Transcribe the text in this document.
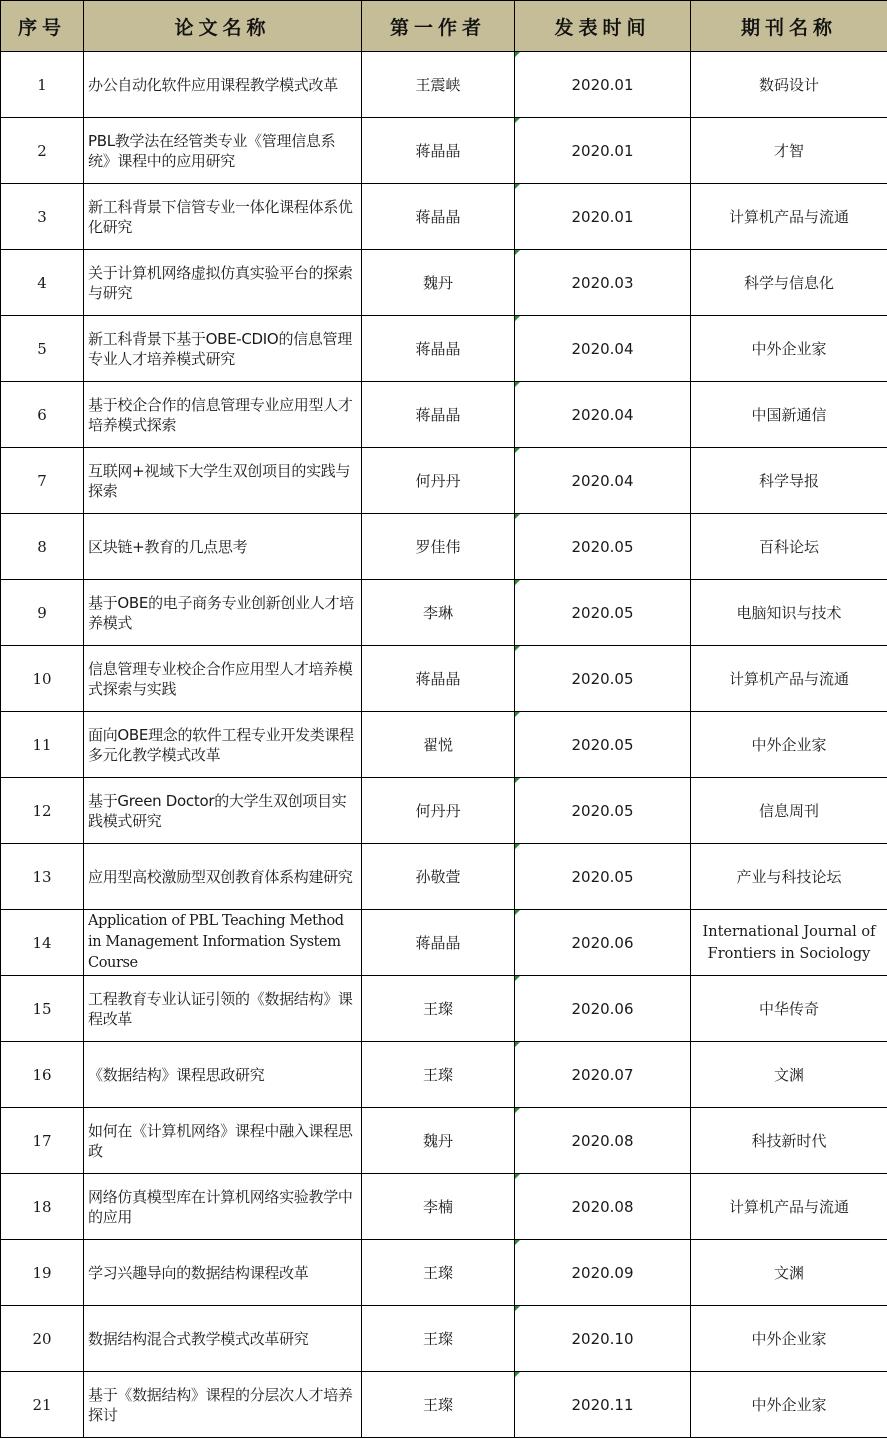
序号	论文名称	第一作者	发表时间	期刊名称
1	办公自动化软件应用课程教学模式改革	王震峡	2020.01	数码设计
2	PBL教学法在经管类专业《管理信息系统》课程中的应用研究	蒋晶晶	2020.01	才智
3	新工科背景下信管专业一体化课程体系优化研究	蒋晶晶	2020.01	计算机产品与流通
4	关于计算机网络虚拟仿真实验平台的探索与研究	魏丹	2020.03	科学与信息化
5	新工科背景下基于OBE-CDIO的信息管理专业人才培养模式研究	蒋晶晶	2020.04	中外企业家
6	基于校企合作的信息管理专业应用型人才培养模式探索	蒋晶晶	2020.04	中国新通信
7	互联网+视域下大学生双创项目的实践与探索	何丹丹	2020.04	科学导报
8	区块链+教育的几点思考	罗佳伟	2020.05	百科论坛
9	基于OBE的电子商务专业创新创业人才培养模式	李琳	2020.05	电脑知识与技术
10	信息管理专业校企合作应用型人才培养模式探索与实践	蒋晶晶	2020.05	计算机产品与流通
11	面向OBE理念的软件工程专业开发类课程多元化教学模式改革	翟悦	2020.05	中外企业家
12	基于Green Doctor的大学生双创项目实践模式研究	何丹丹	2020.05	信息周刊
13	应用型高校激励型双创教育体系构建研究	孙敬萱	2020.05	产业与科技论坛
14	Application of PBL Teaching Method in Management Information System Course	蒋晶晶	2020.06	International Journal of Frontiers in Sociology
15	工程教育专业认证引领的《数据结构》课程改革	王璨	2020.06	中华传奇
16	《数据结构》课程思政研究	王璨	2020.07	文渊
17	如何在《计算机网络》课程中融入课程思政	魏丹	2020.08	科技新时代
18	网络仿真模型库在计算机网络实验教学中的应用	李楠	2020.08	计算机产品与流通
19	学习兴趣导向的数据结构课程改革	王璨	2020.09	文渊
20	数据结构混合式教学模式改革研究	王璨	2020.10	中外企业家
21	基于《数据结构》课程的分层次人才培养探讨	王璨	2020.11	中外企业家
